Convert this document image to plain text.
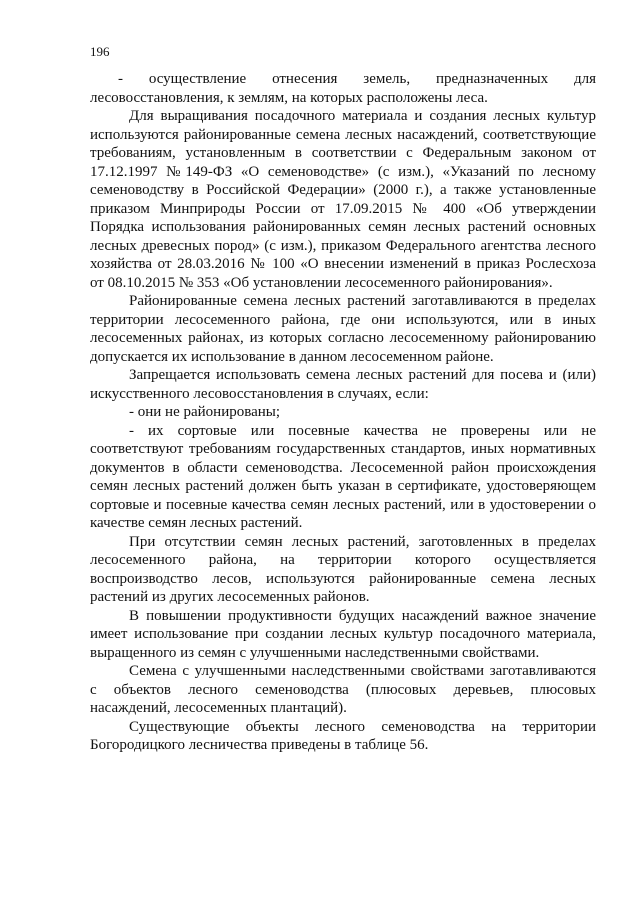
196
- осуществление отнесения земель, предназначенных для
лесовосстановления, к землям, на которых расположены леса.
Для выращивания посадочного материала и создания лесных культур
используются районированные семена лесных насаждений, соответствующие
требованиям, установленным в соответствии с Федеральным законом от
17.12.1997 №149-ФЗ «О семеноводстве» (с изм.), «Указаний по лесному
семеноводству в Российской Федерации» (2000 г.), а также установленные
приказом Минприроды России от 17.09.2015 № 400 «Об утверждении
Порядка использования районированных семян лесных растений основных
лесных древесных пород» (с изм.), приказом Федерального агентства лесного
хозяйства от 28.03.2016 № 100 «О внесении изменений в приказ Рослесхоза
от 08.10.2015 № 353 «Об установлении лесосеменного районирования».
Районированные семена лесных растений заготавливаются в пределах
территории лесосеменного района, где они используются, или в иных
лесосеменных районах, из которых согласно лесосеменному районированию
допускается их использование в данном лесосеменном районе.
Запрещается использовать семена лесных растений для посева и (или)
искусственного лесовосстановления в случаях, если:
- они не районированы;
- их сортовые или посевные качества не проверены или не
соответствуют требованиям государственных стандартов, иных нормативных
документов в области семеноводства. Лесосеменной район происхождения
семян лесных растений должен быть указан в сертификате, удостоверяющем
сортовые и посевные качества семян лесных растений, или в удостоверении о
качестве семян лесных растений.
При отсутствии семян лесных растений, заготовленных в пределах
лесосеменного района, на территории которого осуществляется
воспроизводство лесов, используются районированные семена лесных
растений из других лесосеменных районов.
В повышении продуктивности будущих насаждений важное значение
имеет использование при создании лесных культур посадочного материала,
выращенного из семян с улучшенными наследственными свойствами.
Семена с улучшенными наследственными свойствами заготавливаются
с объектов лесного семеноводства (плюсовых деревьев, плюсовых
насаждений, лесосеменных плантаций).
Существующие объекты лесного семеноводства на территории
Богородицкого лесничества приведены в таблице 56.
